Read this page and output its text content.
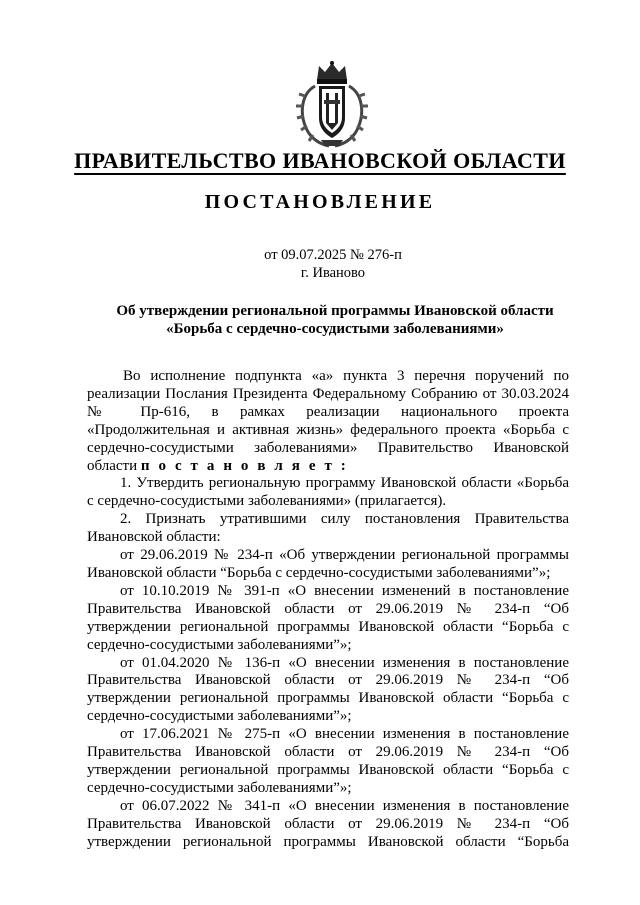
ПРАВИТЕЛЬСТВО ИВАНОВСКОЙ ОБЛАСТИ
ПОСТАНОВЛЕНИЕ
от 09.07.2025 № 276-п
г. Иваново
Об утверждении региональной программы Ивановской области
«Борьба с сердечно-сосудистыми заболеваниями»

Во исполнение подпункта «а» пункта 3 перечня поручений по реализации Послания Президента Федеральному Собранию от 30.03.2024 № Пр-616, в рамках реализации национального проекта «Продолжительная и активная жизнь» федерального проекта «Борьба с сердечно-сосудистыми заболеваниями» Правительство Ивановской области п о с т а н о в л я е т :

1. Утвердить региональную программу Ивановской области «Борьба с сердечно-сосудистыми заболеваниями» (прилагается).

2. Признать утратившими силу постановления Правительства Ивановской области:

от 29.06.2019 № 234-п «Об утверждении региональной программы Ивановской области “Борьба с сердечно-сосудистыми заболеваниями”»;

от 10.10.2019 № 391-п «О внесении изменений в постановление Правительства Ивановской области от 29.06.2019 № 234-п “Об утверждении региональной программы Ивановской области “Борьба с сердечно-сосудистыми заболеваниями”»;

от 01.04.2020 № 136-п «О внесении изменения в постановление Правительства Ивановской области от 29.06.2019 № 234-п “Об утверждении региональной программы Ивановской области “Борьба с сердечно-сосудистыми заболеваниями”»;

от 17.06.2021 № 275-п «О внесении изменения в постановление Правительства Ивановской области от 29.06.2019 № 234-п “Об утверждении региональной программы Ивановской области “Борьба с сердечно-сосудистыми заболеваниями”»;

от 06.07.2022 № 341-п «О внесении изменения в постановление Правительства Ивановской области от 29.06.2019 № 234-п “Об утверждении региональной программы Ивановской области “Борьба
